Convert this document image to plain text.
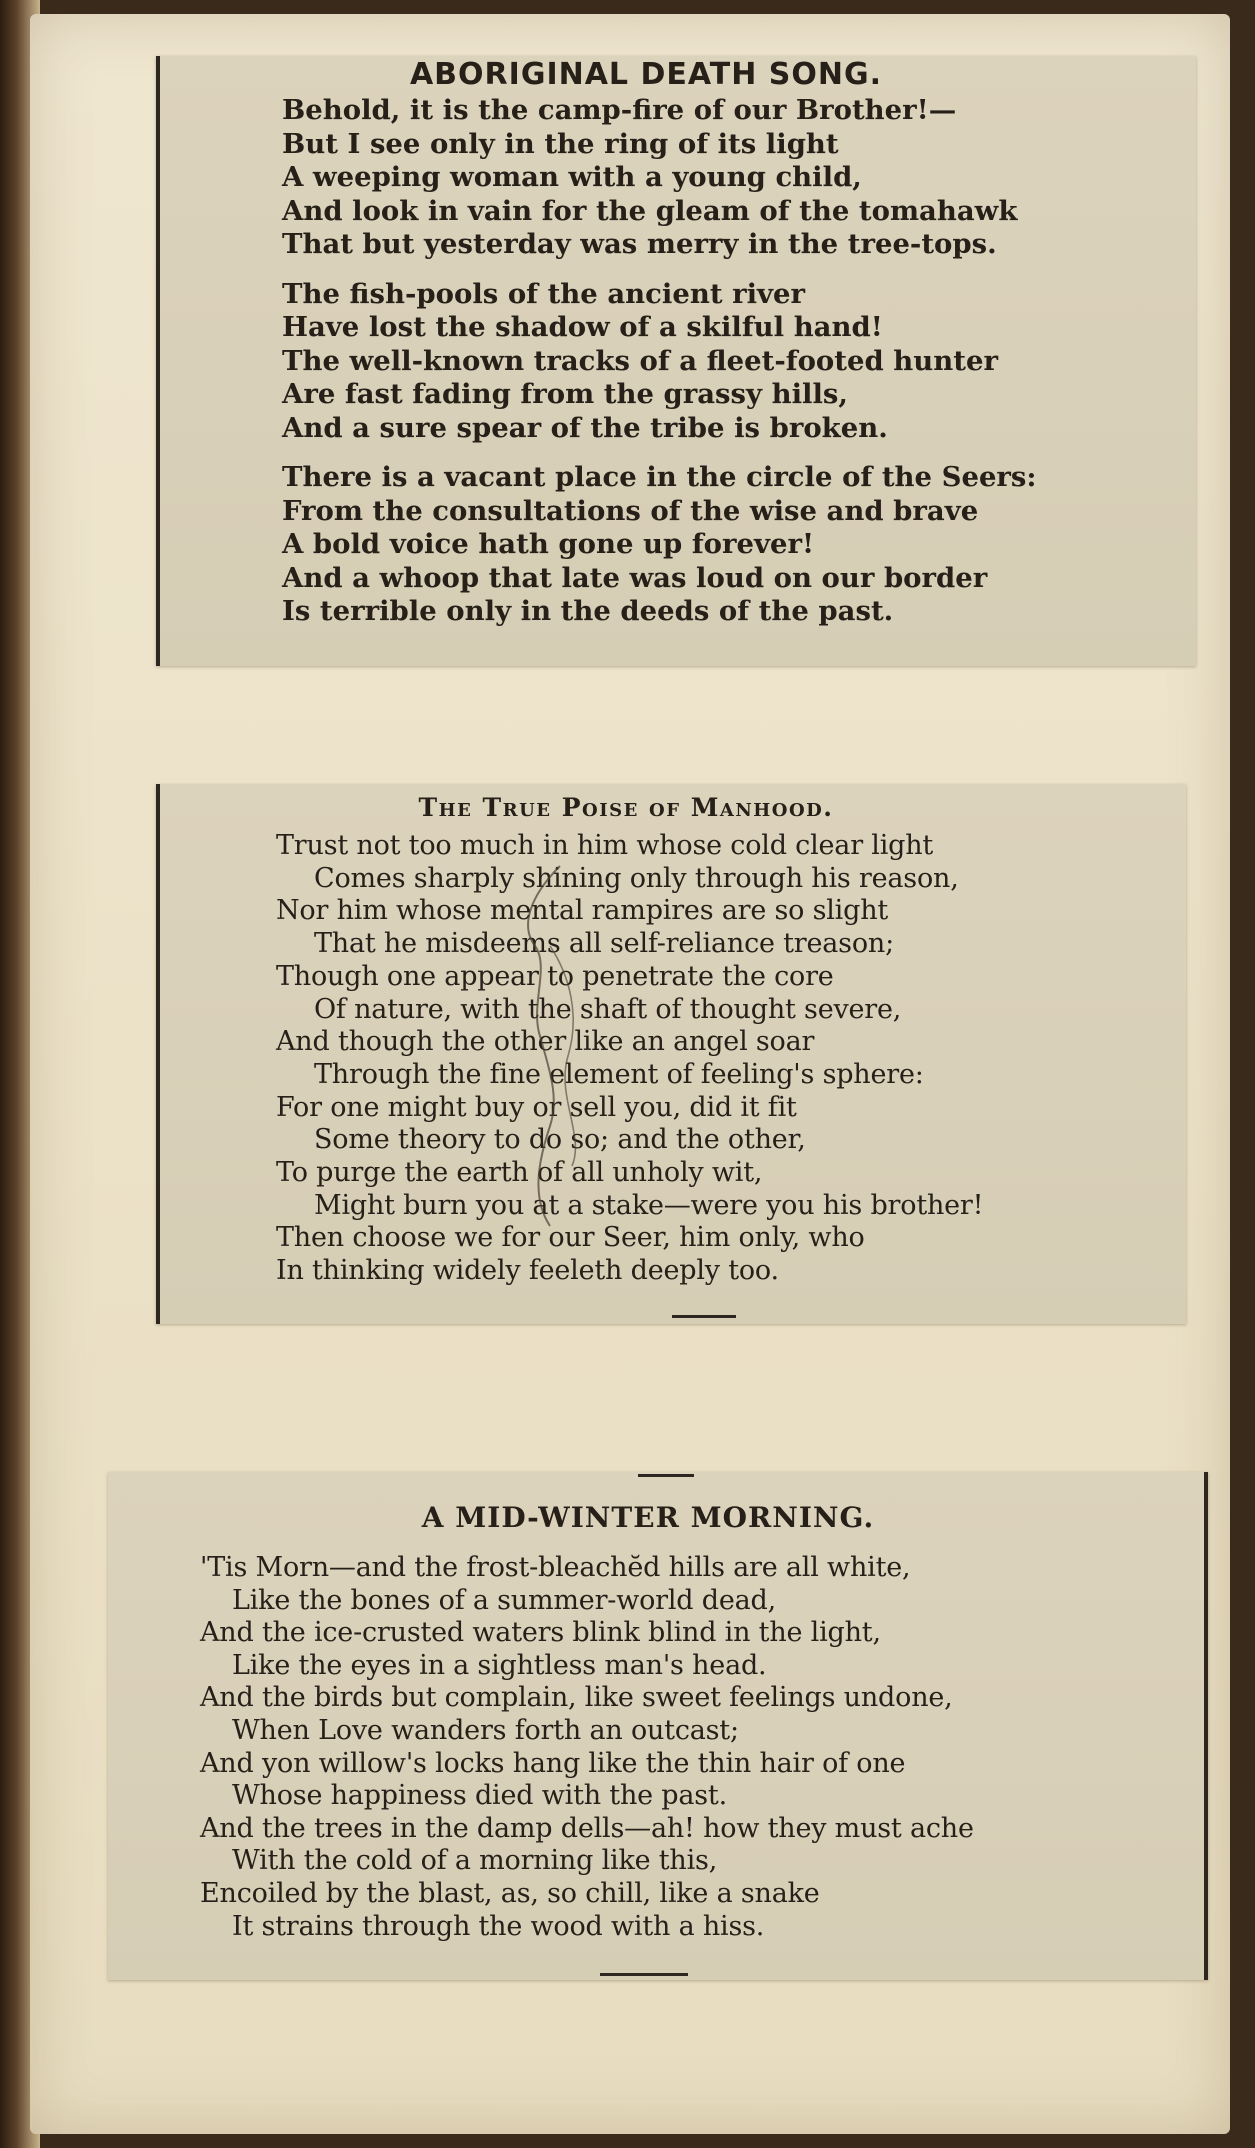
ABORIGINAL DEATH SONG.
Behold, it is the camp-fire of our Brother!—
But I see only in the ring of its light
A weeping woman with a young child,
And look in vain for the gleam of the tomahawk
That but yesterday was merry in the tree-tops.
The fish-pools of the ancient river
Have lost the shadow of a skilful hand!
The well-known tracks of a fleet-footed hunter
Are fast fading from the grassy hills,
And a sure spear of the tribe is broken.
There is a vacant place in the circle of the Seers:
From the consultations of the wise and brave
A bold voice hath gone up forever!
And a whoop that late was loud on our border
Is terrible only in the deeds of the past.
The True Poise of Manhood.
Trust not too much in him whose cold clear light
Comes sharply shining only through his reason,
Nor him whose mental rampires are so slight
That he misdeems all self-reliance treason;
Though one appear to penetrate the core
Of nature, with the shaft of thought severe,
And though the other like an angel soar
Through the fine element of feeling's sphere:
For one might buy or sell you, did it fit
Some theory to do so; and the other,
To purge the earth of all unholy wit,
Might burn you at a stake—were you his brother!
Then choose we for our Seer, him only, who
In thinking widely feeleth deeply too.
A MID-WINTER MORNING.
'Tis Morn—and the frost-bleachĕd hills are all white,
Like the bones of a summer-world dead,
And the ice-crusted waters blink blind in the light,
Like the eyes in a sightless man's head.
And the birds but complain, like sweet feelings undone,
When Love wanders forth an outcast;
And yon willow's locks hang like the thin hair of one
Whose happiness died with the past.
And the trees in the damp dells—ah! how they must ache
With the cold of a morning like this,
Encoiled by the blast, as, so chill, like a snake
It strains through the wood with a hiss.
